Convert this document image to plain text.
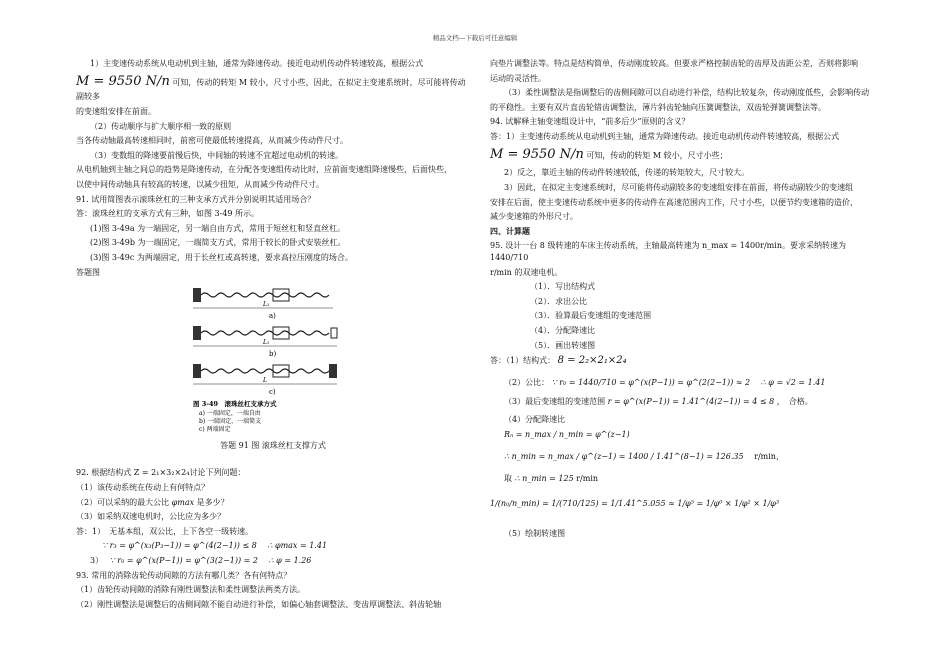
精品文档---下载后可任意编辑
1）主变速传动系统从电动机到主轴，通常为降速传动。接近电动机传动件转速较高，根据公式
M = 9550 N/n 可知，传动的转矩 M 较小，尺寸小些，因此，在拟定主变速系统时，尽可能将传动副较多
的变速组安排在前面。
（2）传动顺序与扩大顺序相一致的原则
当各传动轴最高转速相同时，前密可使最低转速提高，从而减少传动件尺寸。
（3）变数组的降速要前慢后快，中间轴的转速不宜超过电动机的转速。
从电机轴到主轴之间总的趋势是降速传动，在分配各变速组传动比时，应前面变速组降速慢些，后面快些，
以使中间传动轴具有较高的转速，以减少扭矩，从而减少传动件尺寸。
91. 试用简图表示滚珠丝杠的三种支承方式并分别说明其适用场合？
答：滚珠丝杠的支承方式有三种，如图 3-49 所示。
(1)图 3-49a 为一端固定，另一端自由方式，常用于短丝杠和竖直丝杠。
(2)图 3-49b 为一端固定，一端简支方式，常用于较长的卧式安装丝杠。
(3)图 3-49c 为两端固定，用于长丝杠或高转速，要求高拉压刚度的场合。
答题图
L₁
a)
L₁
b)
L
c)
图 3-49　滚珠丝杠支承方式
a) 一端固定，一端自由
b) 一端固定，一端简支
c) 两端固定
答题 91 图 滚珠丝杠支撑方式
92. 根据结构式 Z = 2₁×3₂×2₄讨论下列问题：
（1）该传动系统在传动上有何特点？
（2）可以采纳的最大公比 φmax 是多少？
（3）如采纳双速电机时，公比应为多少？
答：1）　无基本组，双公比，上下各空一级转速。
∵ r₃ = φ^(x₃(P₃−1)) = φ^(4(2−1)) ≤ 8　 ∴ φmax = 1.41
3）　 ∵ r₀ = φ^(x(P−1)) = φ^(3(2−1)) = 2　 ∴ φ = 1.26
93. 常用的消除齿轮传动间隙的方法有哪几类？各有何特点？
（1）齿轮传动间隙的消除有刚性调整法和柔性调整法两类方法。
（2）刚性调整法是调整后的齿侧间隙不能自动进行补偿，如偏心轴套调整法、变齿厚调整法、斜齿轮轴
向垫片调整法等。特点是结构简单，传动刚度较高。但要求严格控制齿轮的齿厚及齿距公差，否则将影响
运动的灵活性。
（3）柔性调整法是指调整后的齿侧间隙可以自动进行补偿，结构比较复杂，传动刚度低些，会影响传动
的平稳性。主要有双片直齿轮错齿调整法，薄片斜齿轮轴向压簧调整法，双齿轮弹簧调整法等。
94. 试解释主轴变速组设计中，“前多后少”原则的含义？
答：1）主变速传动系统从电动机到主轴，通常为降速传动。接近电动机传动件转速较高，根据公式
M = 9550 N/n 可知，传动的转矩 M 较小，尺寸小些；
2）反之，靠近主轴的传动件转速较低，传递的转矩较大，尺寸较大。
3）因此，在拟定主变速系统时，尽可能将传动副较多的变速组安排在前面，将传动副较少的变速组
安排在后面，使主变速传动系统中更多的传动件在高速范围内工作，尺寸小些，以便节约变速箱的造价，
减少变速箱的外形尺寸。
四、计算题
95. 设计一台 8 级转速的车床主传动系统，主轴最高转速为 n_max = 1400r/min。要求采纳转速为 1440/710
r/min 的双速电机。
（1）．写出结构式
（2）．求出公比
（3）．验算最后变速组的变速范围
（4）．分配降速比
（5）．画出转速图
答：（1）结构式： 8 = 2₂×2₁×2₄
（2）公比： ∵ r₀ = 1440/710 = φ^(x(P−1)) = φ^(2(2−1)) ≈ 2　 ∴ φ = √2 = 1.41
（3）最后变速组的变速范围 r = φ^(x(P−1)) = 1.41^(4(2−1)) = 4 ≤ 8 ，　合格。
（4）分配降速比
Rₙ = n_max / n_min = φ^(z−1)
∴ n_min = n_max / φ^(z−1) = 1400 / 1.41^(8−1) = 126.35　 r/min，
取 ∴ n_min = 125 r/min
1/(n₀/n_min) = 1/(710/125) = 1/1.41^5.055 ≈ 1/φ⁵ = 1/φ⁰ × 1/φ² × 1/φ³
（5）绘制转速图
